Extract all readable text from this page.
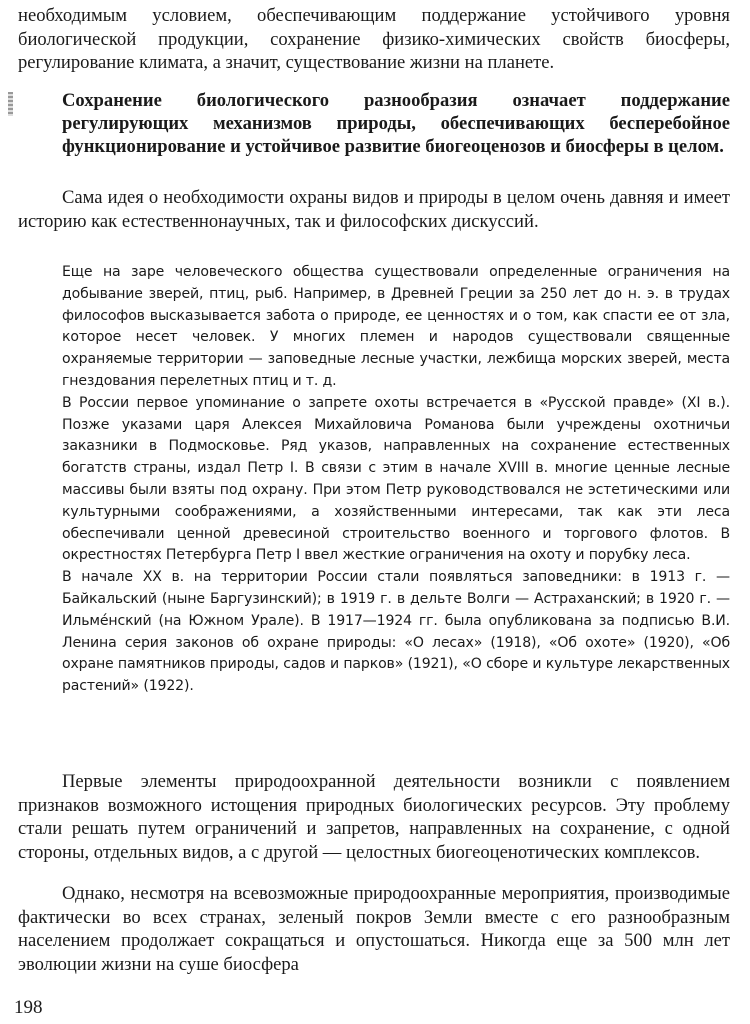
необходимым условием, обеспечивающим поддержание устойчивого уровня биологической продукции, сохранение физико-химических свойств биосферы, регулирование климата, а значит, существование жизни на планете.

Сохранение биологического разнообразия означает поддержание регулирующих механизмов природы, обеспечивающих бесперебойное функционирование и устойчивое развитие биогеоценозов и биосферы в целом.

Сама идея о необходимости охраны видов и природы в целом очень давняя и имеет историю как естественнонаучных, так и философских дискуссий.

Еще на заре человеческого общества существовали определенные ограничения на добывание зверей, птиц, рыб. Например, в Древней Греции за 250 лет до н. э. в трудах философов высказывается забота о природе, ее ценностях и о том, как спасти ее от зла, которое несет человек. У многих племен и народов существовали священные охраняемые территории — заповедные лесные участки, лежбища морских зверей, места гнездования перелетных птиц и т. д.

В России первое упоминание о запрете охоты встречается в «Русской правде» (XI в.). Позже указами царя Алексея Михайловича Романова были учреждены охотничьи заказники в Подмосковье. Ряд указов, направленных на сохранение естественных богатств страны, издал Петр I. В связи с этим в начале XVIII в. многие ценные лесные массивы были взяты под охрану. При этом Петр руководствовался не эстетическими или культурными соображениями, а хозяйственными интересами, так как эти леса обеспечивали ценной древесиной строительство военного и торгового флотов. В окрестностях Петербурга Петр I ввел жесткие ограничения на охоту и порубку леса.

В начале XX в. на территории России стали появляться заповедники: в 1913 г. — Байкальский (ныне Баргузинский); в 1919 г. в дельте Волги — Астраханский; в 1920 г. — Ильме́нский (на Южном Урале). В 1917—1924 гг. была опубликована за подписью В.И. Ленина серия законов об охране природы: «О лесах» (1918), «Об охоте» (1920), «Об охране памятников природы, садов и парков» (1921), «О сборе и культуре лекарственных растений» (1922).

Первые элементы природоохранной деятельности возникли с появлением признаков возможного истощения природных биологических ресурсов. Эту проблему стали решать путем ограничений и запретов, направленных на сохранение, с одной стороны, отдельных видов, а с другой — целостных биогеоценотических комплексов.

Однако, несмотря на всевозможные природоохранные мероприятия, производимые фактически во всех странах, зеленый покров Земли вместе с его разнообразным населением продолжает сокращаться и опустошаться. Никогда еще за 500 млн лет эволюции жизни на суше биосфера

198
